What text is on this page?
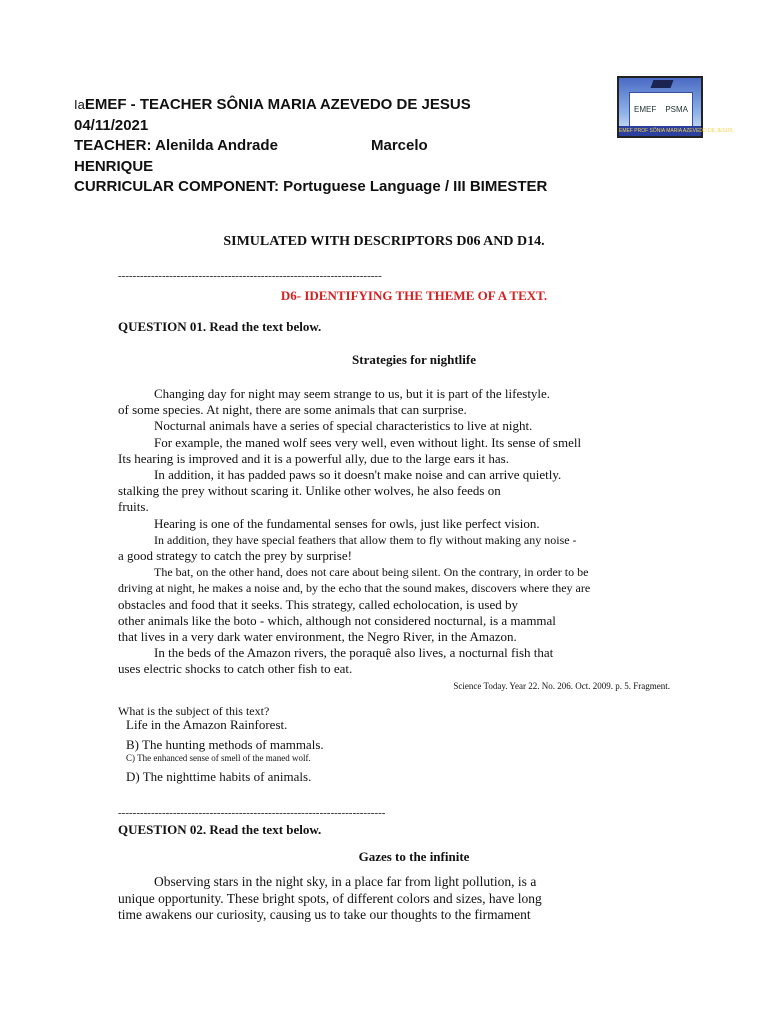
IaEMEF - TEACHER SÔNIA MARIA AZEVEDO DE JESUS
04/11/2021
TEACHER: Alenilda Andrade	Marcelo
HENRIQUE
CURRICULAR COMPONENT: Portuguese Language / III BIMESTER
EMEF PSMA
EMEF PROF SÔNIA MARIA AZEVEDO DE JESUS
SIMULATED WITH DESCRIPTORS D06 AND D14.
------------------------------------------------------------------------
D6- IDENTIFYING THE THEME OF A TEXT.
QUESTION 01. Read the text below.
Strategies for nightlife

Changing day for night may seem strange to us, but it is part of the lifestyle.

of some species. At night, there are some animals that can surprise.

Nocturnal animals have a series of special characteristics to live at night.

For example, the maned wolf sees very well, even without light. Its sense of smell

Its hearing is improved and it is a powerful ally, due to the large ears it has.

In addition, it has padded paws so it doesn't make noise and can arrive quietly.

stalking the prey without scaring it. Unlike other wolves, he also feeds on

fruits.

Hearing is one of the fundamental senses for owls, just like perfect vision.

In addition, they have special feathers that allow them to fly without making any noise -

a good strategy to catch the prey by surprise!

The bat, on the other hand, does not care about being silent. On the contrary, in order to be

driving at night, he makes a noise and, by the echo that the sound makes, discovers where they are

obstacles and food that it seeks. This strategy, called echolocation, is used by

other animals like the boto - which, although not considered nocturnal, is a mammal

that lives in a very dark water environment, the Negro River, in the Amazon.

In the beds of the Amazon rivers, the poraquê also lives, a nocturnal fish that

uses electric shocks to catch other fish to eat.

Science Today. Year 22. No. 206. Oct. 2009. p. 5. Fragment.
What is the subject of this text?
Life in the Amazon Rainforest.
B) The hunting methods of mammals.
C) The enhanced sense of smell of the maned wolf.
D) The nighttime habits of animals.
-------------------------------------------------------------------------
QUESTION 02. Read the text below.
Gazes to the infinite

Observing stars in the night sky, in a place far from light pollution, is a

unique opportunity. These bright spots, of different colors and sizes, have long

time awakens our curiosity, causing us to take our thoughts to the firmament
